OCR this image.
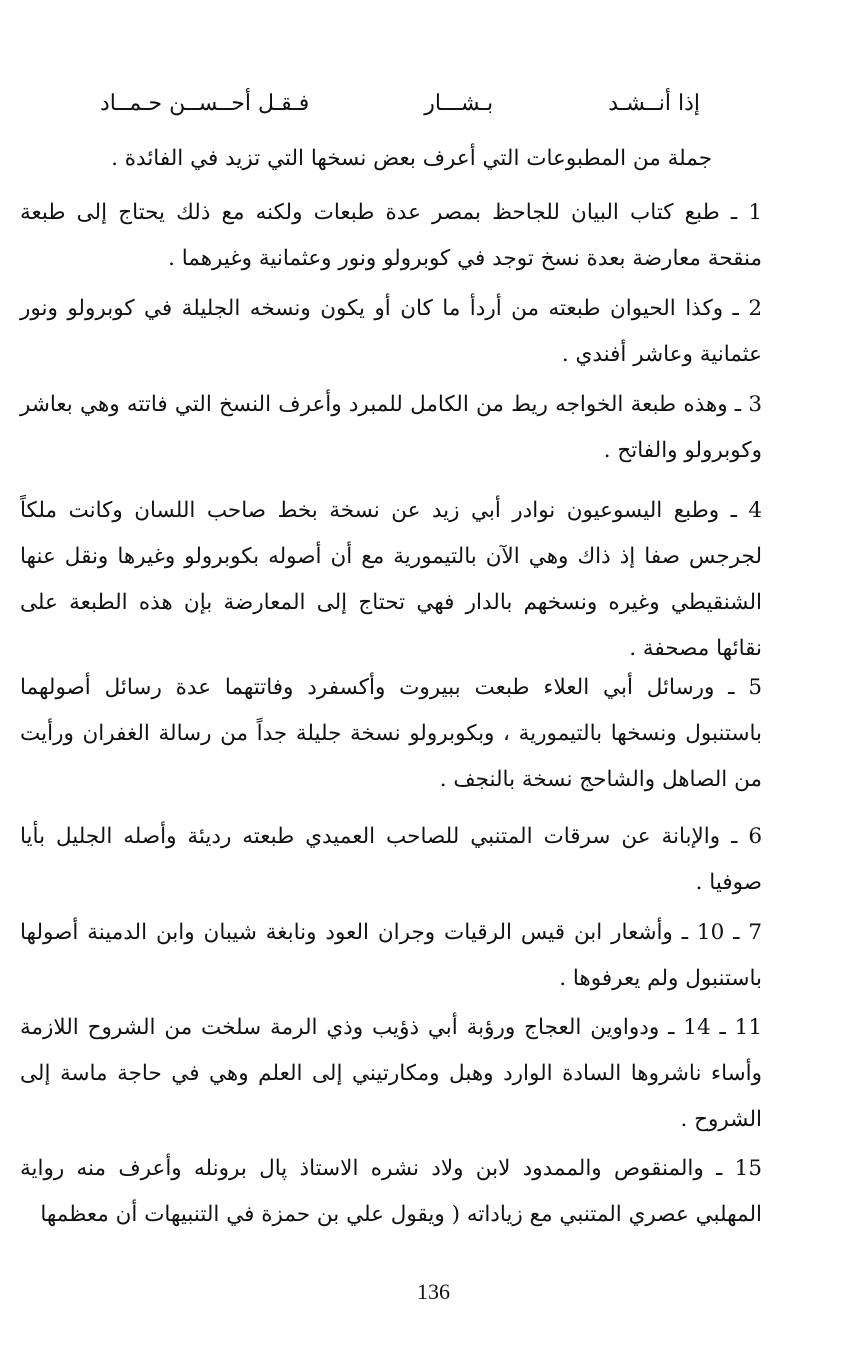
إذا أنــشـد
بـشـــار
فـقـل أحــســن حـمــاد
جملة من المطبوعات التي أعرف بعض نسخها التي تزيد في الفائدة .

1 ـ طبع كتاب البيان للجاحظ بمصر عدة طبعات ولكنه مع ذلك يحتاج إلى طبعة منقحة معارضة بعدة نسخ توجد في كوبرولو ونور وعثمانية وغيرهما .

2 ـ وكذا الحيوان طبعته من أردأ ما كان أو يكون ونسخه الجليلة في كوبرولو ونور عثمانية وعاشر أفندي .

3 ـ وهذه طبعة الخواجه ريط من الكامل للمبرد وأعرف النسخ التي فاتته وهي بعاشر وكوبرولو والفاتح .

4 ـ وطبع اليسوعيون نوادر أبي زيد عن نسخة بخط صاحب اللسان وكانت ملكاً لجرجس صفا إذ ذاك وهي الآن بالتيمورية مع أن أصوله بكوبرولو وغيرها ونقل عنها الشنقيطي وغيره ونسخهم بالدار فهي تحتاج إلى المعارضة بإن هذه الطبعة على نقائها مصحفة .

5 ـ ورسائل أبي العلاء طبعت ببيروت وأكسفرد وفاتتهما عدة رسائل أصولهما باستنبول ونسخها بالتيمورية ، وبكوبرولو نسخة جليلة جداً من رسالة الغفران ورأيت من الصاهل والشاحج نسخة بالنجف .

6 ـ والإبانة عن سرقات المتنبي للصاحب العميدي طبعته رديئة وأصله الجليل بأيا صوفيا .

7 ـ 10 ـ وأشعار ابن قيس الرقيات وجران العود ونابغة شيبان وابن الدمينة أصولها باستنبول ولم يعرفوها .

11 ـ 14 ـ ودواوين العجاج ورؤبة أبي ذؤيب وذي الرمة سلخت من الشروح اللازمة وأساء ناشروها السادة الوارد وهبل ومكارتيني إلى العلم وهي في حاجة ماسة إلى الشروح .

15 ـ والمنقوص والممدود لابن ولاد نشره الاستاذ پال برونله وأعرف منه رواية المهلبي عصري المتنبي مع زياداته ( ويقول علي بن حمزة في التنبيهات أن معظمها

136
